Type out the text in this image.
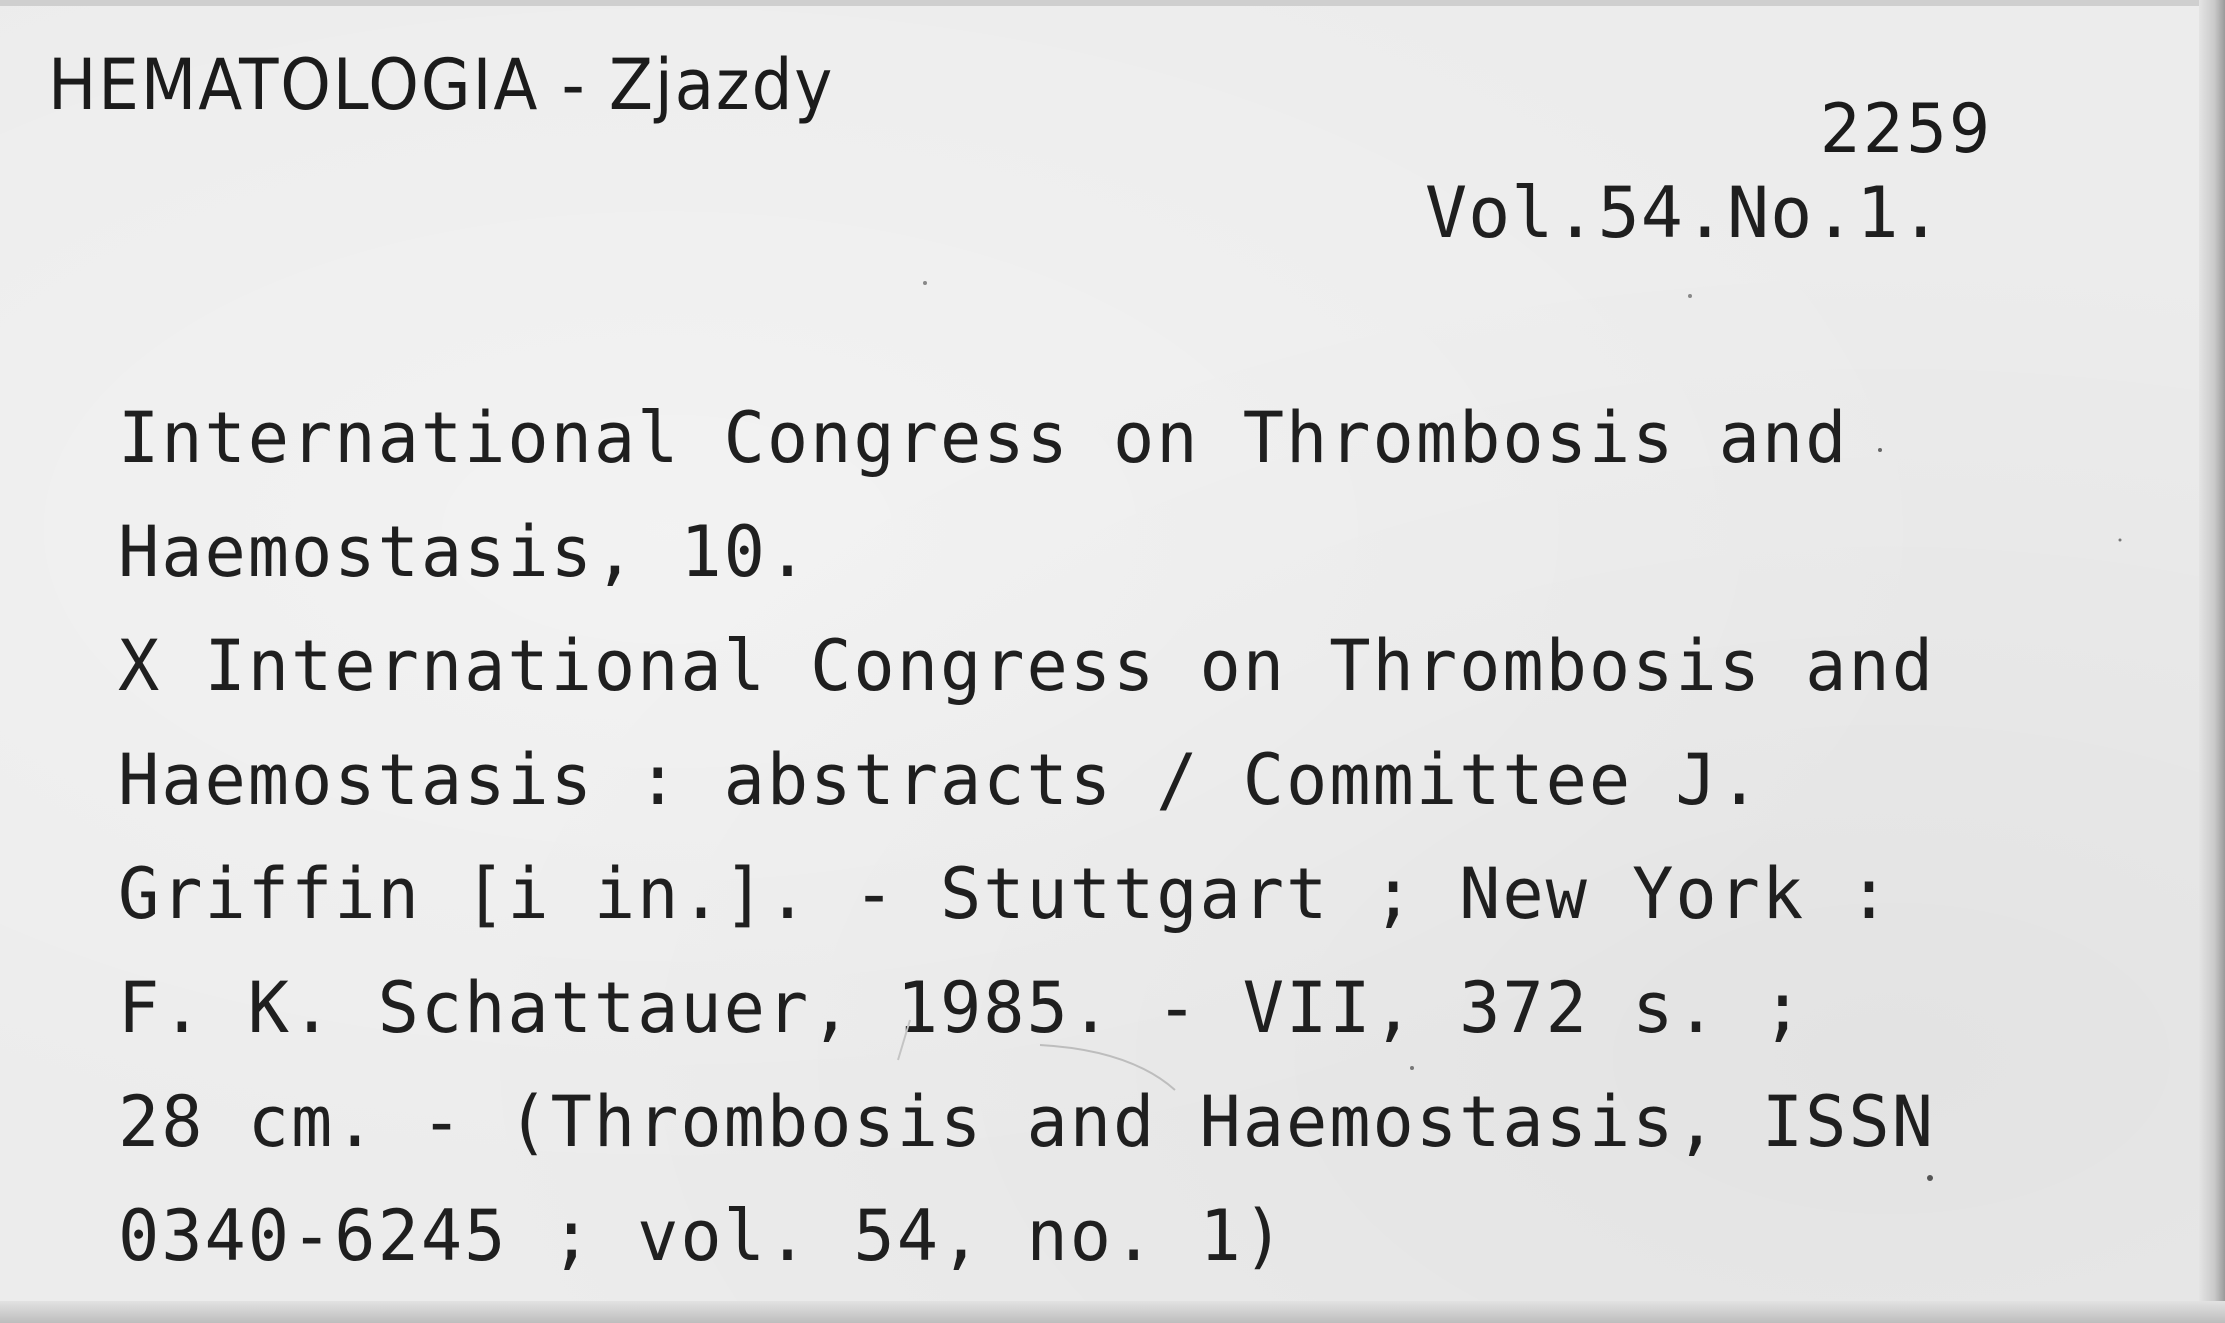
HEMATOLOGIA - Zjazdy
2259
Vol.54.No.1.

International Congress on Thrombosis and

Haemostasis, 10.

X International Congress on Thrombosis and

Haemostasis : abstracts / Committee J.

Griffin [i in.]. - Stuttgart ; New York :

F. K. Schattauer, 1985. - VII, 372 s. ;

28 cm. - (Thrombosis and Haemostasis, ISSN

0340-6245 ; vol. 54, no. 1)
